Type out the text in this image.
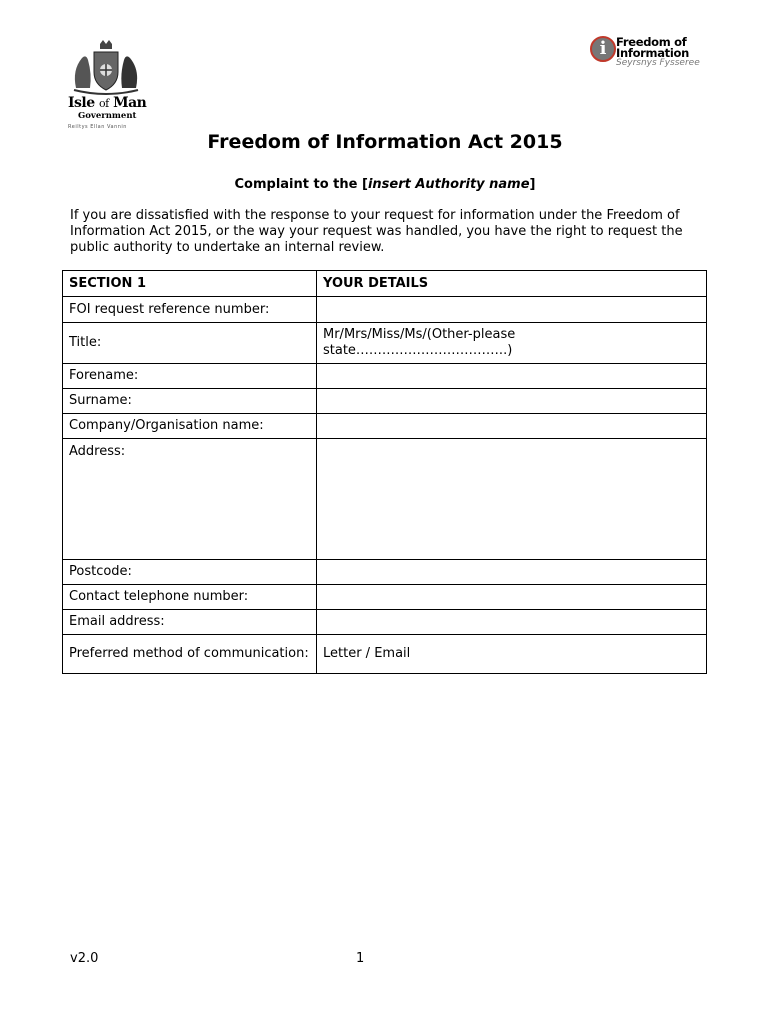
Isle of Man
Government
Reiltys Ellan Vannin
i Freedom of
Information
Seyrsnys Fysseree
Freedom of Information Act 2015
Complaint to the [insert Authority name]
If you are dissatisfied with the response to your request for information under the Freedom of Information Act 2015, or the way your request was handled, you have the right to request the public authority to undertake an internal review.
SECTION 1	YOUR DETAILS
FOI request reference number:	
Title:	Mr/Mrs/Miss/Ms/(Other-please state……………………………..)
Forename:	
Surname:	
Company/Organisation name:	
Address:	
Postcode:	
Contact telephone number:	
Email address:	
Preferred method of communication:	Letter / Email
v2.0	1
